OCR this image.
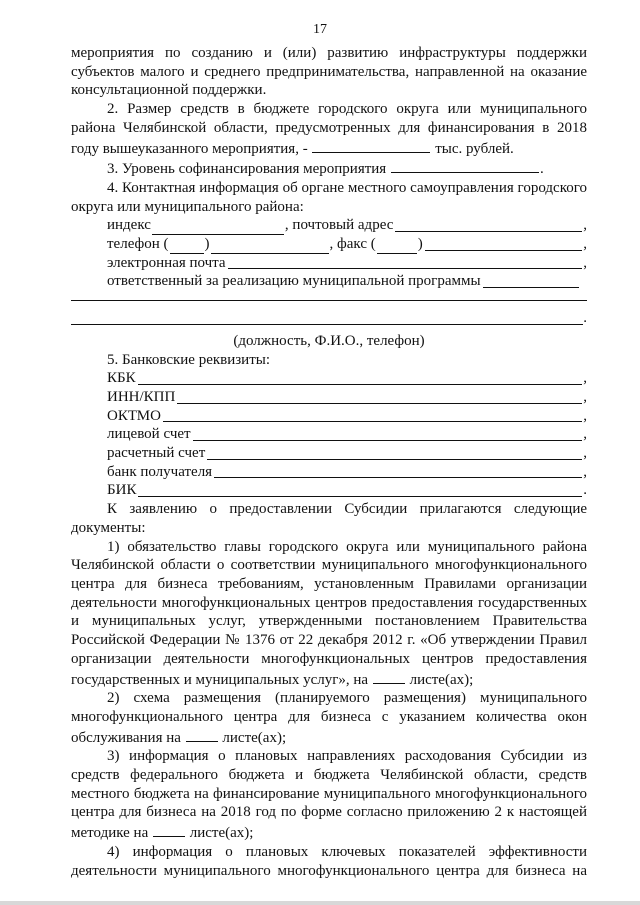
17

мероприятия по созданию и (или) развитию инфраструктуры поддержки субъектов малого и среднего предпринимательства, направленной на оказание консультационной поддержки.

2. Размер средств в бюджете городского округа или муниципального района Челябинской области, предусмотренных для финансирования в 2018 году вышеуказанного мероприятия, -	тыс. рублей.

3. Уровень софинансирования мероприятия	.

4. Контактная информация об органе местного самоуправления городского округа или муниципального района:

индекс	, почтовый адрес	,
телефон ( )	, факс (	)	,
электронная почта	,
ответственный за реализацию муниципальной программы
.

(должность, Ф.И.О., телефон)

5. Банковские реквизиты:

КБК	,
ИНН/КПП	,
ОКТМО	,
лицевой счет	,
расчетный счет	,
банк получателя	,
БИК	.

К заявлению о предоставлении Субсидии прилагаются следующие документы:

1) обязательство главы городского округа или муниципального района Челябинской области о соответствии муниципального многофункционального центра для бизнеса требованиям, установленным Правилами организации деятельности многофункциональных центров предоставления государственных и муниципальных услуг, утвержденными постановлением Правительства Российской Федерации № 1376 от 22 декабря 2012 г. «Об утверждении Правил организации деятельности многофункциональных центров предоставления государственных и муниципальных услуг», на	листе(ах);

2) схема размещения (планируемого размещения) муниципального многофункционального центра для бизнеса с указанием количества окон обслуживания на	листе(ах);

3) информация о плановых направлениях расходования Субсидии из средств федерального бюджета и бюджета Челябинской области, средств местного бюджета на финансирование муниципального многофункционального центра для бизнеса на 2018 год по форме согласно приложению 2 к настоящей методике на	листе(ах);

4) информация о плановых ключевых показателей эффективности деятельности муниципального многофункционального центра для бизнеса на
